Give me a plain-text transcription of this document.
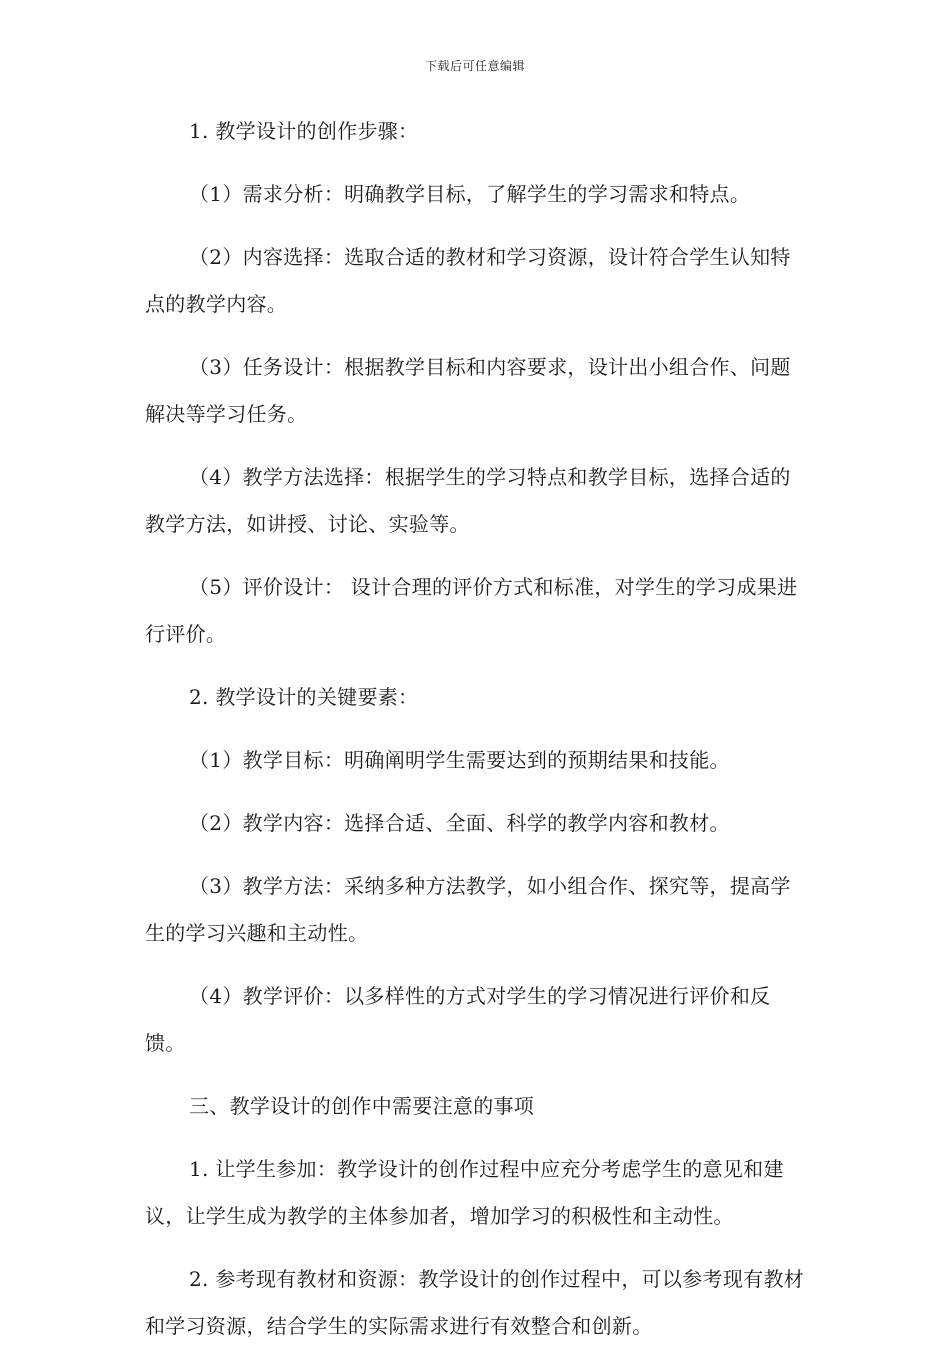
下载后可任意编辑

1. 教学设计的创作步骤：

（1）需求分析：明确教学目标，了解学生的学习需求和特点。

（2）内容选择：选取合适的教材和学习资源，设计符合学生认知特点的教学内容。

（3）任务设计：根据教学目标和内容要求，设计出小组合作、问题解决等学习任务。

（4）教学方法选择：根据学生的学习特点和教学目标，选择合适的教学方法，如讲授、讨论、实验等。

（5）评价设计： 设计合理的评价方式和标准，对学生的学习成果进行评价。

2. 教学设计的关键要素：

（1）教学目标：明确阐明学生需要达到的预期结果和技能。

（2）教学内容：选择合适、全面、科学的教学内容和教材。

（3）教学方法：采纳多种方法教学，如小组合作、探究等，提高学生的学习兴趣和主动性。

（4）教学评价：以多样性的方式对学生的学习情况进行评价和反馈。

三、教学设计的创作中需要注意的事项

1. 让学生参加：教学设计的创作过程中应充分考虑学生的意见和建议，让学生成为教学的主体参加者，增加学习的积极性和主动性。

2. 参考现有教材和资源：教学设计的创作过程中，可以参考现有教材和学习资源，结合学生的实际需求进行有效整合和创新。
